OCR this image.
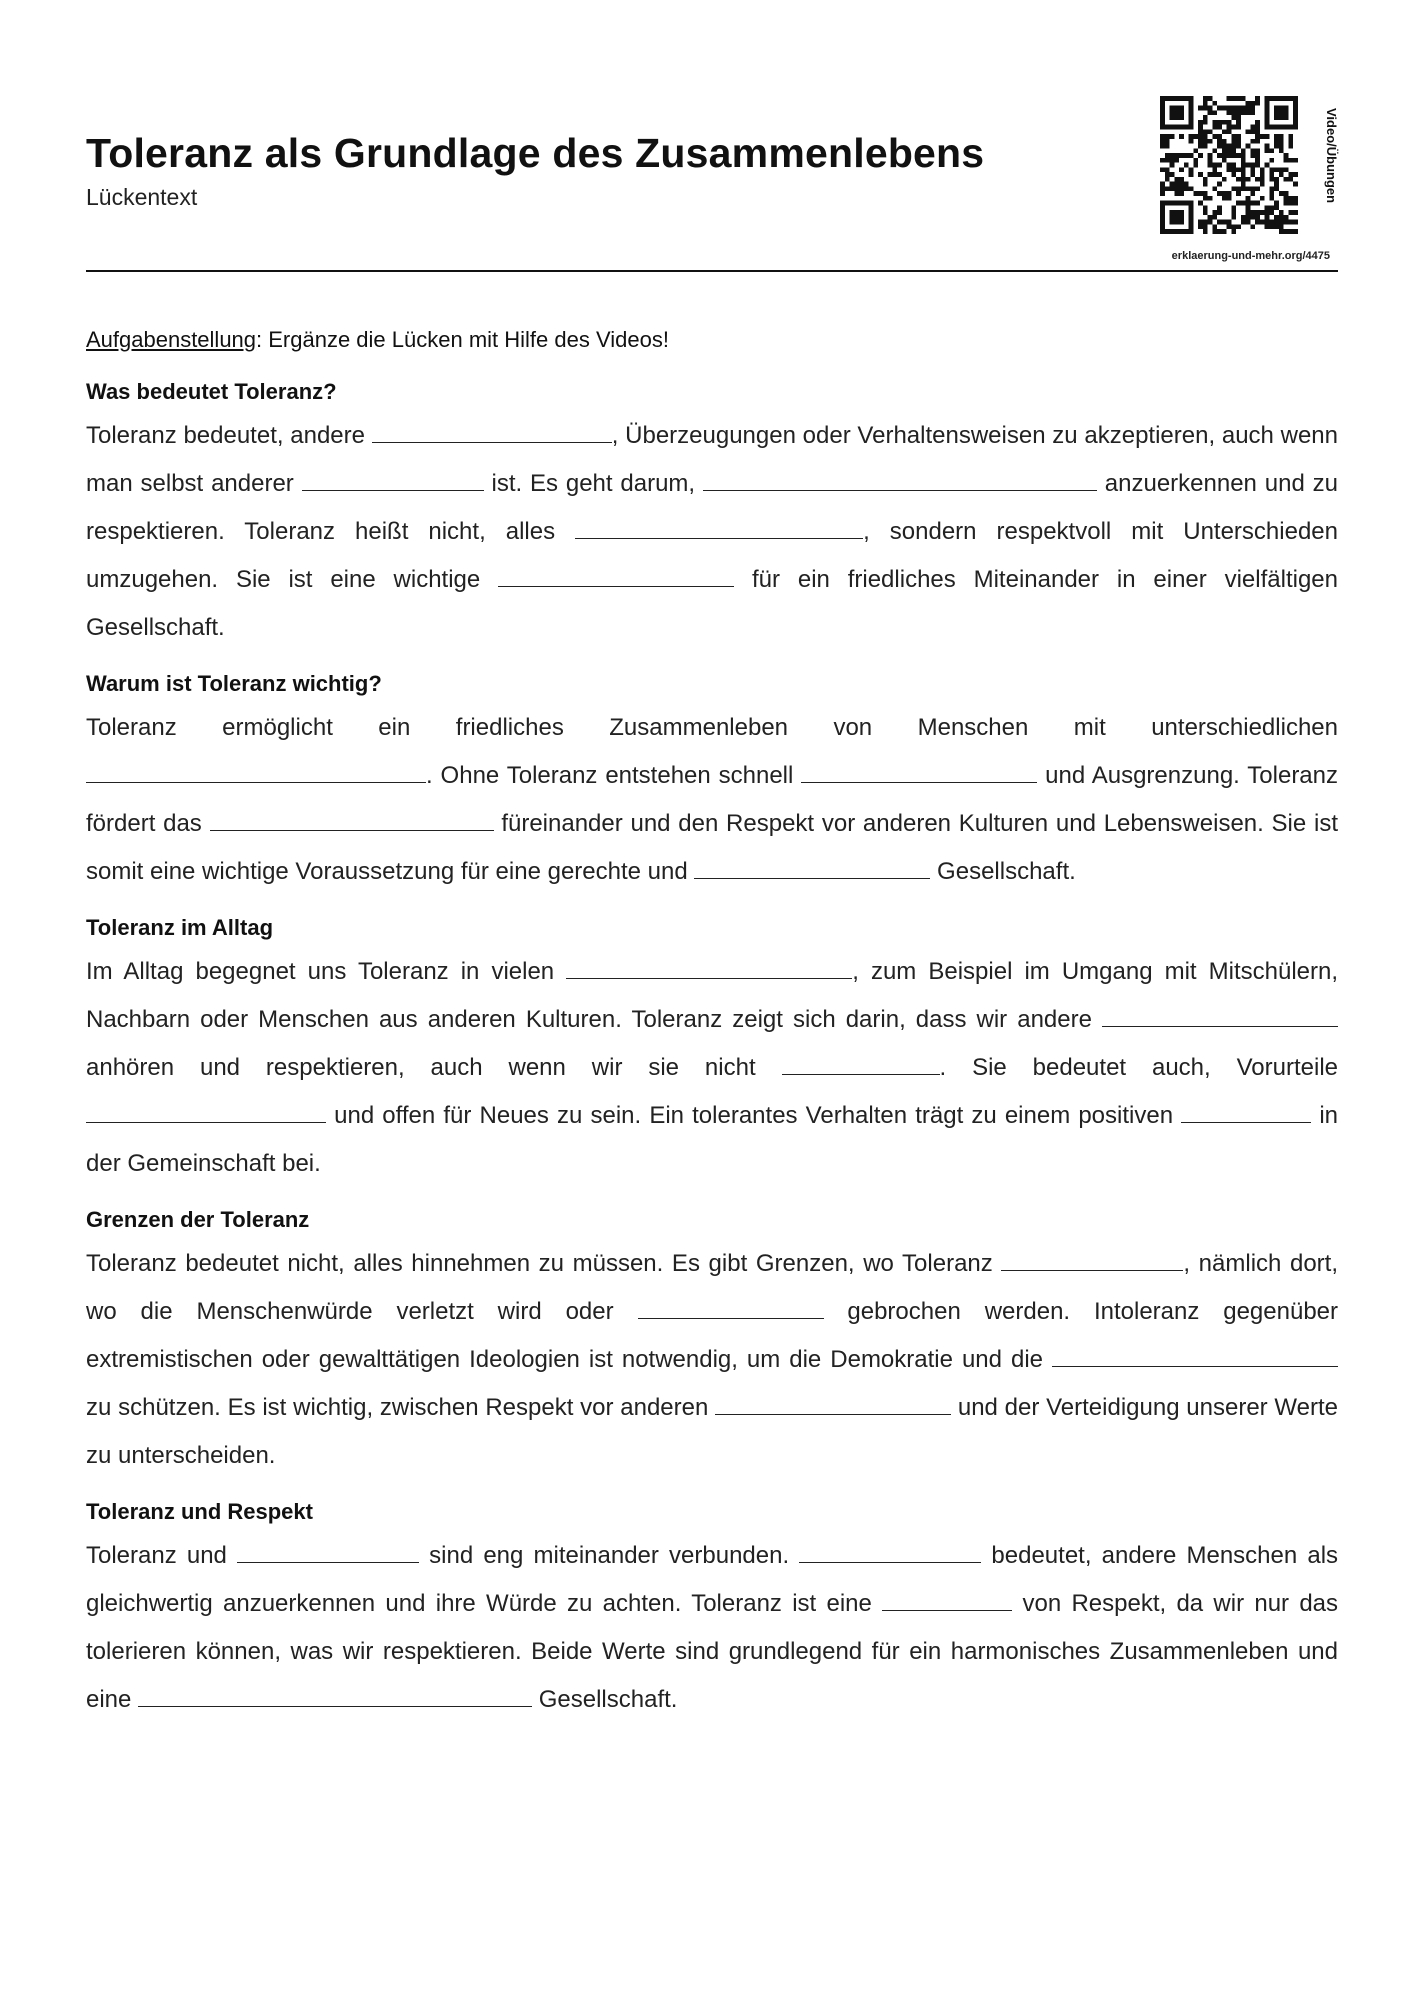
Toleranz als Grundlage des Zusammenlebens
Lückentext	Video/Übungen
erklaerung-und-mehr.org/4475

Aufgabenstellung: Ergänze die Lücken mit Hilfe des Videos!

Was bedeutet Toleranz?

Toleranz bedeutet, andere	, Überzeugungen oder Verhaltensweisen zu akzeptieren, auch wenn man selbst anderer	ist. Es geht darum,	anzuerkennen und zu respektieren. Toleranz heißt nicht, alles	, sondern respektvoll mit Unterschieden umzugehen. Sie ist eine wichtige	für ein friedliches Miteinander in einer vielfältigen Gesellschaft.

Warum ist Toleranz wichtig?

Toleranz ermöglicht ein friedliches Zusammenleben von Menschen mit unterschiedlichen . Ohne Toleranz entstehen schnell	und Ausgrenzung. Toleranz fördert das	füreinander und den Respekt vor anderen Kulturen und Lebensweisen. Sie ist somit eine wichtige Voraussetzung für eine gerechte und	Gesellschaft.

Toleranz im Alltag

Im Alltag begegnet uns Toleranz in vielen	, zum Beispiel im Umgang mit Mitschülern, Nachbarn oder Menschen aus anderen Kulturen. Toleranz zeigt sich darin, dass wir andere  anhören und respektieren, auch wenn wir sie nicht	. Sie bedeutet auch, Vorurteile  und offen für Neues zu sein. Ein tolerantes Verhalten trägt zu einem positiven	in der Gemeinschaft bei.

Grenzen der Toleranz

Toleranz bedeutet nicht, alles hinnehmen zu müssen. Es gibt Grenzen, wo Toleranz	, nämlich dort, wo die Menschenwürde verletzt wird oder	gebrochen werden. Intoleranz gegenüber extremistischen oder gewalttätigen Ideologien ist notwendig, um die Demokratie und die  zu schützen. Es ist wichtig, zwischen Respekt vor anderen	und der Verteidigung unserer Werte zu unterscheiden.

Toleranz und Respekt

Toleranz und	sind eng miteinander verbunden.	bedeutet, andere Menschen als gleichwertig anzuerkennen und ihre Würde zu achten. Toleranz ist eine	von Respekt, da wir nur das tolerieren können, was wir respektieren. Beide Werte sind grundlegend für ein harmonisches Zusammenleben und eine	Gesellschaft.
